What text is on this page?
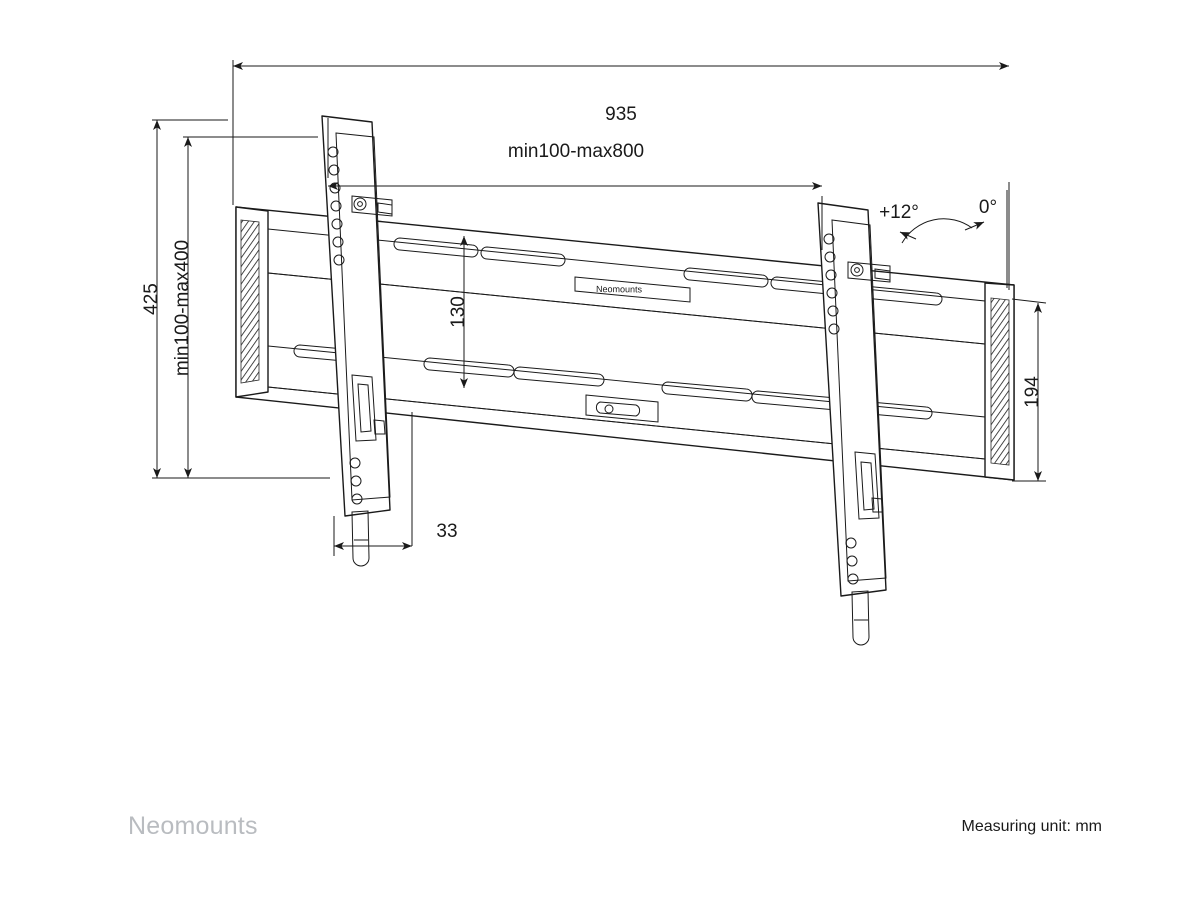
Neomounts
935
min100-max800
425 min100-max400	130
33
194
+12°	0°
Neomounts	Measuring unit: mm
